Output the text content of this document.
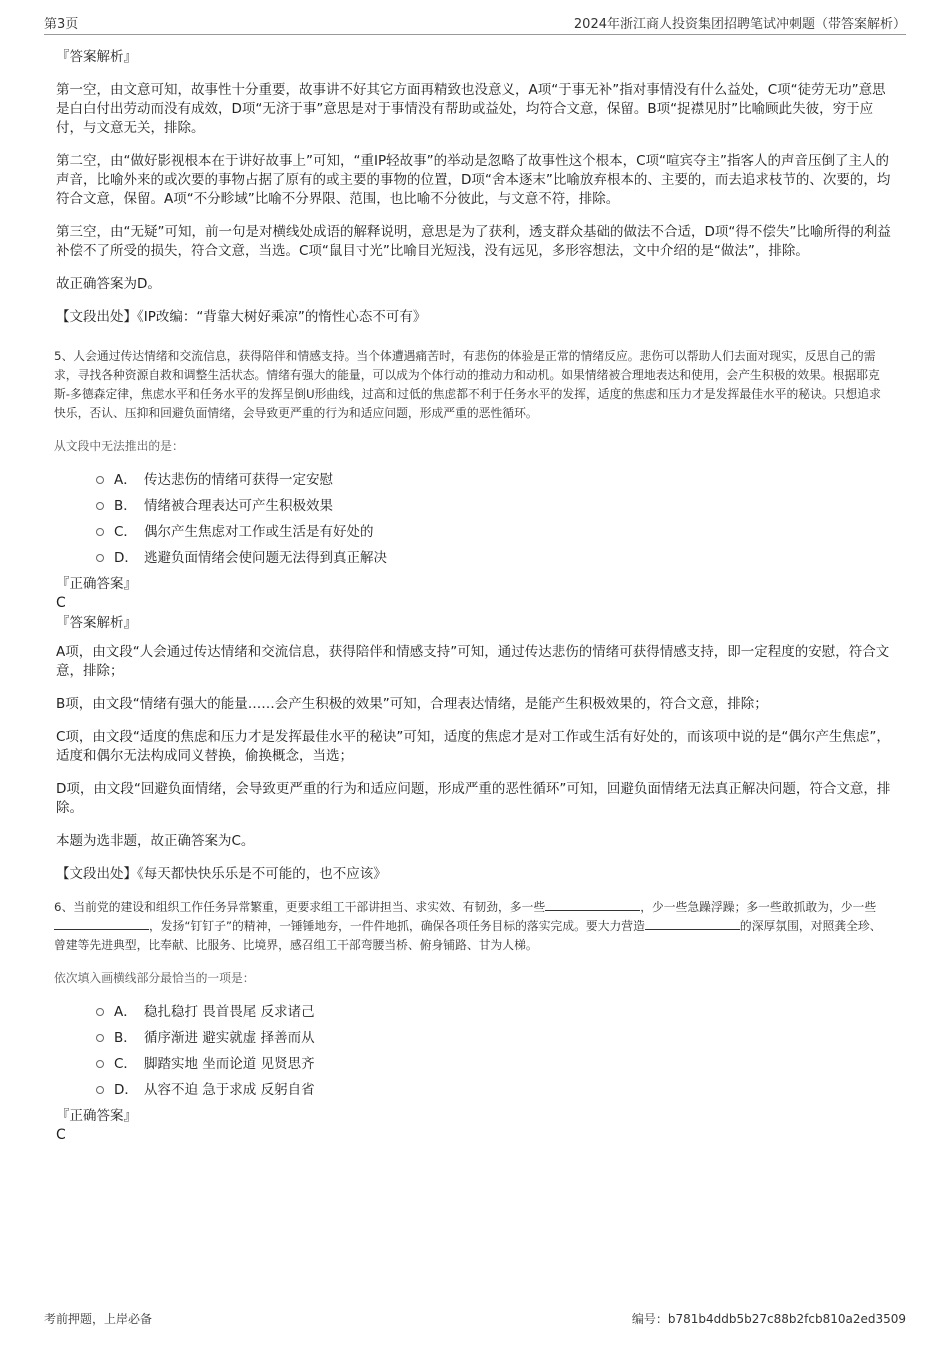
第3页	2024年浙江商人投资集团招聘笔试冲刺题（带答案解析）

『答案解析』

第一空，由文意可知，故事性十分重要，故事讲不好其它方面再精致也没意义，A项“于事无补”指对事情没有什么益处，C项“徒劳无功”意思是白白付出劳动而没有成效，D项“无济于事”意思是对于事情没有帮助或益处，均符合文意，保留。B项“捉襟见肘”比喻顾此失彼，穷于应付，与文意无关，排除。

第二空，由“做好影视根本在于讲好故事上”可知，“重IP轻故事”的举动是忽略了故事性这个根本，C项“喧宾夺主”指客人的声音压倒了主人的声音，比喻外来的或次要的事物占据了原有的或主要的事物的位置，D项“舍本逐末”比喻放弃根本的、主要的，而去追求枝节的、次要的，均符合文意，保留。A项“不分畛域”比喻不分界限、范围，也比喻不分彼此，与文意不符，排除。

第三空，由“无疑”可知，前一句是对横线处成语的解释说明，意思是为了获利，透支群众基础的做法不合适，D项“得不偿失”比喻所得的利益补偿不了所受的损失，符合文意，当选。C项“鼠目寸光”比喻目光短浅，没有远见，多形容想法，文中介绍的是“做法”，排除。

故正确答案为D。

【文段出处】《IP改编：“背靠大树好乘凉”的惰性心态不可有》

5、人会通过传达情绪和交流信息，获得陪伴和情感支持。当个体遭遇痛苦时，有悲伤的体验是正常的情绪反应。悲伤可以帮助人们去面对现实，反思自己的需求，寻找各种资源自救和调整生活状态。情绪有强大的能量，可以成为个体行动的推动力和动机。如果情绪被合理地表达和使用，会产生积极的效果。根据耶克斯-多德森定律，焦虑水平和任务水平的发挥呈倒U形曲线，过高和过低的焦虑都不利于任务水平的发挥，适度的焦虑和压力才是发挥最佳水平的秘诀。只想追求快乐，否认、压抑和回避负面情绪，会导致更严重的行为和适应问题，形成严重的恶性循环。

从文段中无法推出的是：

A． 传达悲伤的情绪可获得一定安慰
B． 情绪被合理表达可产生积极效果
C． 偶尔产生焦虑对工作或生活是有好处的
D． 逃避负面情绪会使问题无法得到真正解决

『正确答案』

C

『答案解析』

A项，由文段“人会通过传达情绪和交流信息，获得陪伴和情感支持”可知，通过传达悲伤的情绪可获得情感支持，即一定程度的安慰，符合文意，排除；

B项，由文段“情绪有强大的能量……会产生积极的效果”可知，合理表达情绪，是能产生积极效果的，符合文意，排除；

C项，由文段“适度的焦虑和压力才是发挥最佳水平的秘诀”可知，适度的焦虑才是对工作或生活有好处的，而该项中说的是“偶尔产生焦虑”，适度和偶尔无法构成同义替换，偷换概念，当选；

D项，由文段“回避负面情绪，会导致更严重的行为和适应问题，形成严重的恶性循环”可知，回避负面情绪无法真正解决问题，符合文意，排除。

本题为选非题，故正确答案为C。

【文段出处】《每天都快快乐乐是不可能的，也不应该》

6、当前党的建设和组织工作任务异常繁重，更要求组工干部讲担当、求实效、有韧劲，多一些	，少一些急躁浮躁；多一些敢抓敢为，少一些，发扬“钉钉子”的精神，一锤锤地夯，一件件地抓，确保各项任务目标的落实完成。要大力营造	的深厚氛围，对照龚全珍、曾建等先进典型，比奉献、比服务、比境界，感召组工干部弯腰当桥、俯身铺路、甘为人梯。

依次填入画横线部分最恰当的一项是：

A． 稳扎稳打 畏首畏尾 反求诸己
B． 循序渐进 避实就虚 择善而从
C． 脚踏实地 坐而论道 见贤思齐
D． 从容不迫 急于求成 反躬自省

『正确答案』

C

考前押题，上岸必备	编号：b781b4ddb5b27c88b2fcb810a2ed3509
